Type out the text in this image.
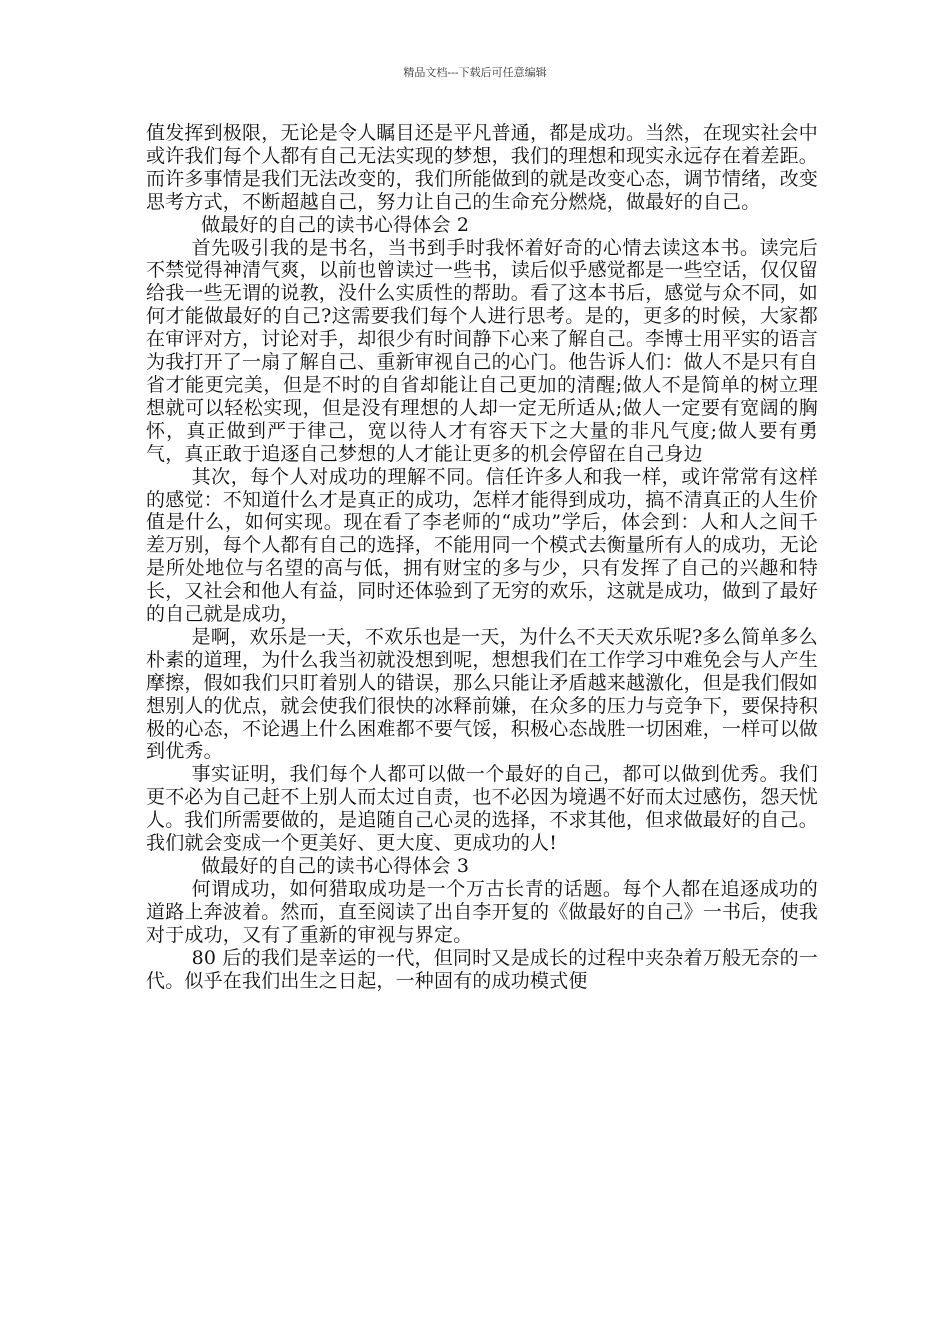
精品文档---下载后可任意编辑

值发挥到极限，无论是令人瞩目还是平凡普通，都是成功。当然，在现实社会中或许我们每个人都有自己无法实现的梦想，我们的理想和现实永远存在着差距。而许多事情是我们无法改变的，我们所能做到的就是改变心态，调节情绪，改变思考方式，不断超越自己，努力让自己的生命充分燃烧，做最好的自己。

做最好的自己的读书心得体会 2

首先吸引我的是书名，当书到手时我怀着好奇的心情去读这本书。读完后不禁觉得神清气爽，以前也曾读过一些书，读后似乎感觉都是一些空话，仅仅留给我一些无谓的说教，没什么实质性的帮助。看了这本书后，感觉与众不同，如何才能做最好的自己?这需要我们每个人进行思考。是的，更多的时候，大家都在审评对方，讨论对手，却很少有时间静下心来了解自己。李博士用平实的语言为我打开了一扇了解自己、重新审视自己的心门。他告诉人们：做人不是只有自省才能更完美，但是不时的自省却能让自己更加的清醒;做人不是简单的树立理想就可以轻松实现，但是没有理想的人却一定无所适从;做人一定要有宽阔的胸怀，真正做到严于律己，宽以待人才有容天下之大量的非凡气度;做人要有勇气，真正敢于追逐自己梦想的人才能让更多的机会停留在自己身边

其次，每个人对成功的理解不同。信任许多人和我一样，或许常常有这样的感觉：不知道什么才是真正的成功，怎样才能得到成功，搞不清真正的人生价值是什么，如何实现。现在看了李老师的“成功”学后，体会到：人和人之间千差万别，每个人都有自己的选择，不能用同一个模式去衡量所有人的成功，无论是所处地位与名望的高与低，拥有财宝的多与少，只有发挥了自己的兴趣和特长，又社会和他人有益，同时还体验到了无穷的欢乐，这就是成功，做到了最好的自己就是成功，

是啊，欢乐是一天，不欢乐也是一天，为什么不天天欢乐呢?多么简单多么朴素的道理，为什么我当初就没想到呢，想想我们在工作学习中难免会与人产生摩擦，假如我们只盯着别人的错误，那么只能让矛盾越来越激化，但是我们假如想别人的优点，就会使我们很快的冰释前嫌，在众多的压力与竞争下，要保持积极的心态，不论遇上什么困难都不要气馁，积极心态战胜一切困难，一样可以做到优秀。

事实证明，我们每个人都可以做一个最好的自己，都可以做到优秀。我们更不必为自己赶不上别人而太过自责，也不必因为境遇不好而太过感伤，怨天忧人。我们所需要做的，是追随自己心灵的选择，不求其他，但求做最好的自己。我们就会变成一个更美好、更大度、更成功的人!

做最好的自己的读书心得体会 3

何谓成功，如何猎取成功是一个万古长青的话题。每个人都在追逐成功的道路上奔波着。然而，直至阅读了出自李开复的《做最好的自己》一书后，使我对于成功，又有了重新的审视与界定。

80 后的我们是幸运的一代，但同时又是成长的过程中夹杂着万般无奈的一代。似乎在我们出生之日起，一种固有的成功模式便
